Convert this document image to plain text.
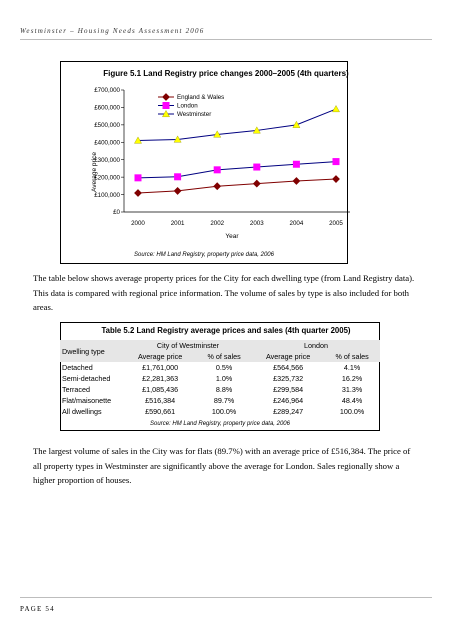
Westminster – Housing Needs Assessment 2006
Figure 5.1 Land Registry price changes 2000–2005 (4th quarters)
Average price
Year
£0
£100,000
£200,000
£300,000
£400,000
£500,000
£600,000
£700,000
2000	2001	2002	2003	2004	2005
England & Wales
London
Westminster
Source: HM Land Registry, property price data, 2006
The table below shows average property prices for the City for each dwelling type (from Land Registry data). This data is compared with regional price information. The volume of sales by type is also included for both areas.
Table 5.2 Land Registry average prices and sales (4th quarter 2005)
Dwelling type	City of Westminster		London	
	Average price	% of sales	Average price	% of sales
Detached	£1,761,000	0.5%	£564,566	4.1%
Semi-detached	£2,281,363	1.0%	£325,732	16.2%
Terraced	£1,085,436	8.8%	£299,584	31.3%
Flat/maisonette	£516,384	89.7%	£246,964	48.4%
All dwellings	£590,661	100.0%	£289,247	100.0%
Source: HM Land Registry, property price data, 2006
The largest volume of sales in the City was for flats (89.7%) with an average price of £516,384. The price of all property types in Westminster are significantly above the average for London. Sales regionally show a higher proportion of houses.
PAGE 54
